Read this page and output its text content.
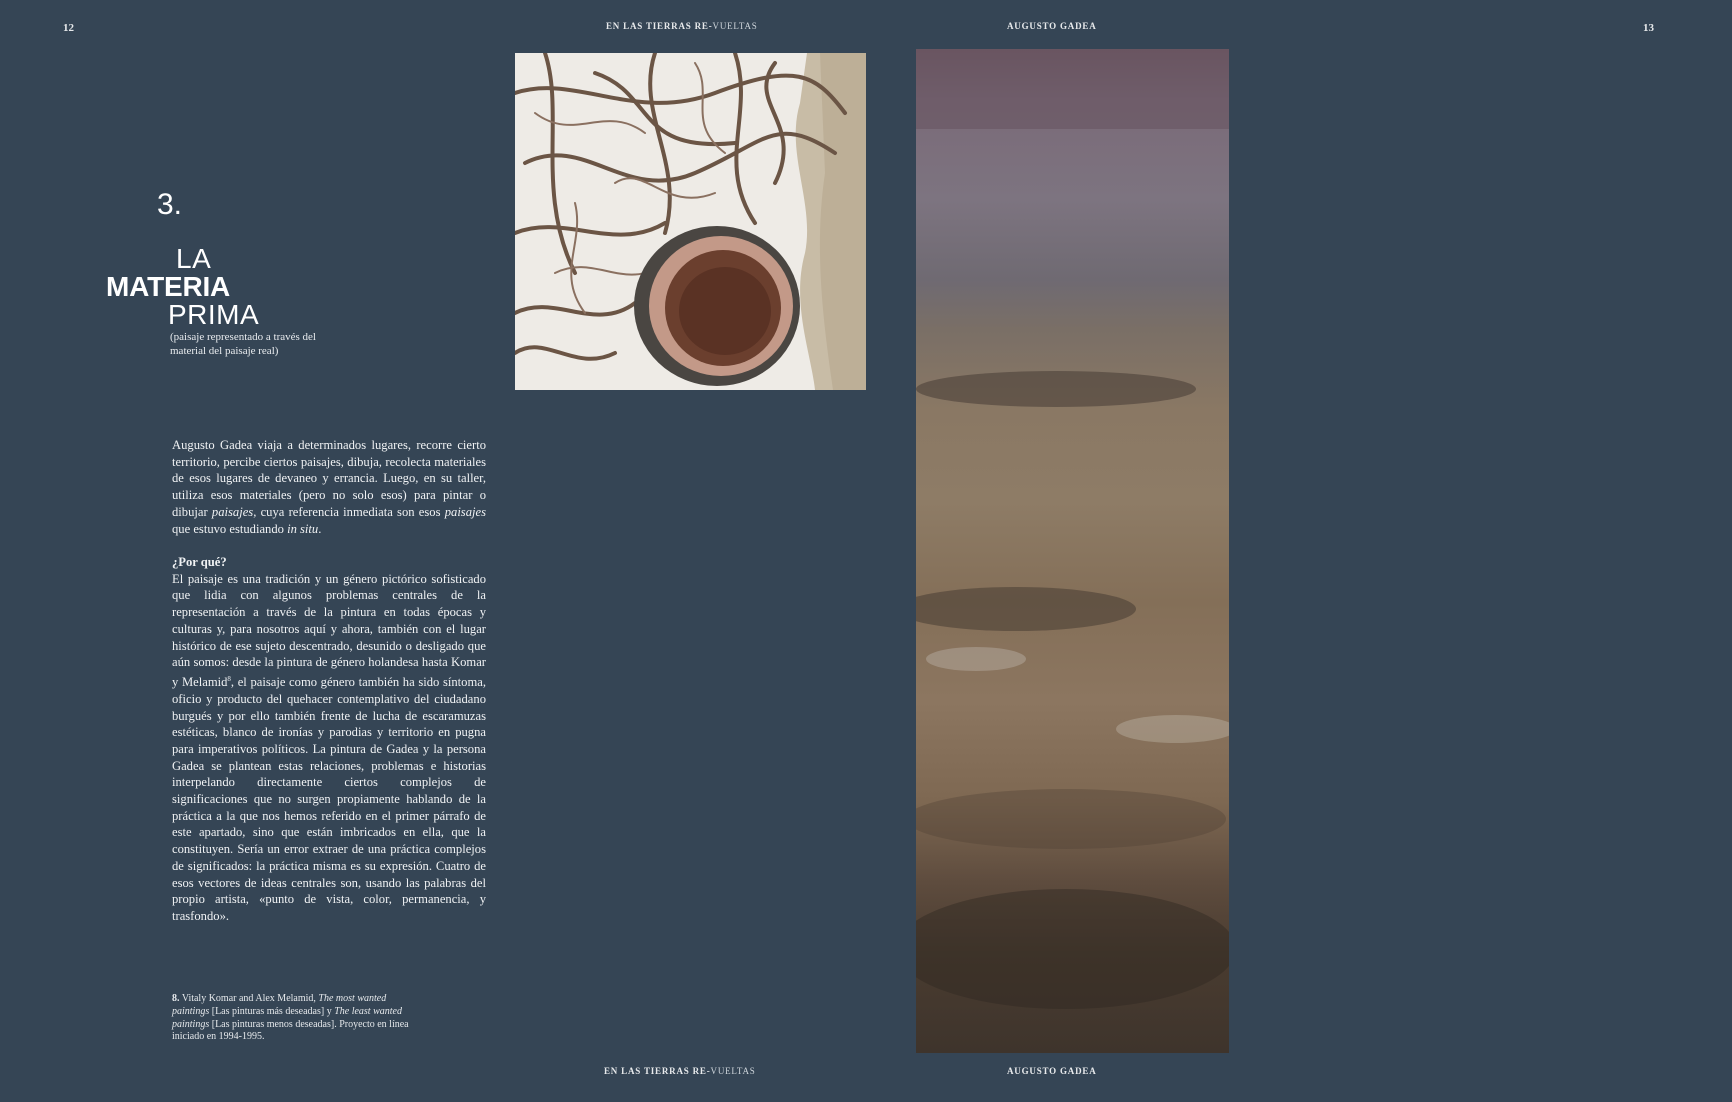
12	EN LAS TIERRAS RE-VUELTAS	AUGUSTO GADEA	13
3.
LA
MATERIA
PRIMA
(paisaje representado a través del
material del paisaje real)
Augusto Gadea viaja a determinados lugares, recorre cierto territorio, percibe ciertos paisajes, dibuja, recolecta materiales de esos lugares de devaneo y errancia. Luego, en su taller, utiliza esos materiales (pero no solo esos) para pintar o dibujar paisajes, cuya referencia inmediata son esos paisajes que estuvo estudiando in situ.
¿Por qué?
El paisaje es una tradición y un género pictórico sofisticado que lidia con algunos problemas centrales de la representación a través de la pintura en todas épocas y culturas y, para nosotros aquí y ahora, también con el lugar histórico de ese sujeto descentrado, desunido o desligado que aún somos: desde la pintura de género holandesa hasta Komar y Melamid$^8$, el paisaje como género también ha sido síntoma, oficio y producto del quehacer contemplativo del ciudadano burgués y por ello también frente de lucha de escaramuzas estéticas, blanco de ironías y parodias y territorio en pugna para imperativos políticos. La pintura de Gadea y la persona Gadea se plantean estas relaciones, problemas e historias interpelando directamente ciertos complejos de significaciones que no surgen propiamente hablando de la práctica a la que nos hemos referido en el primer párrafo de este apartado, sino que están imbricados en ella, que la constituyen. Sería un error extraer de una práctica complejos de significados: la práctica misma es su expresión. Cuatro de esos vectores de ideas centrales son, usando las palabras del propio artista, «punto de vista, color, permanencia, y trasfondo».
8. Vitaly Komar and Alex Melamid, The most wanted paintings [Las pinturas más deseadas] y The least wanted paintings [Las pinturas menos deseadas]. Proyecto en línea iniciado en 1994-1995.
EN LAS TIERRAS RE-VUELTAS	AUGUSTO GADEA
